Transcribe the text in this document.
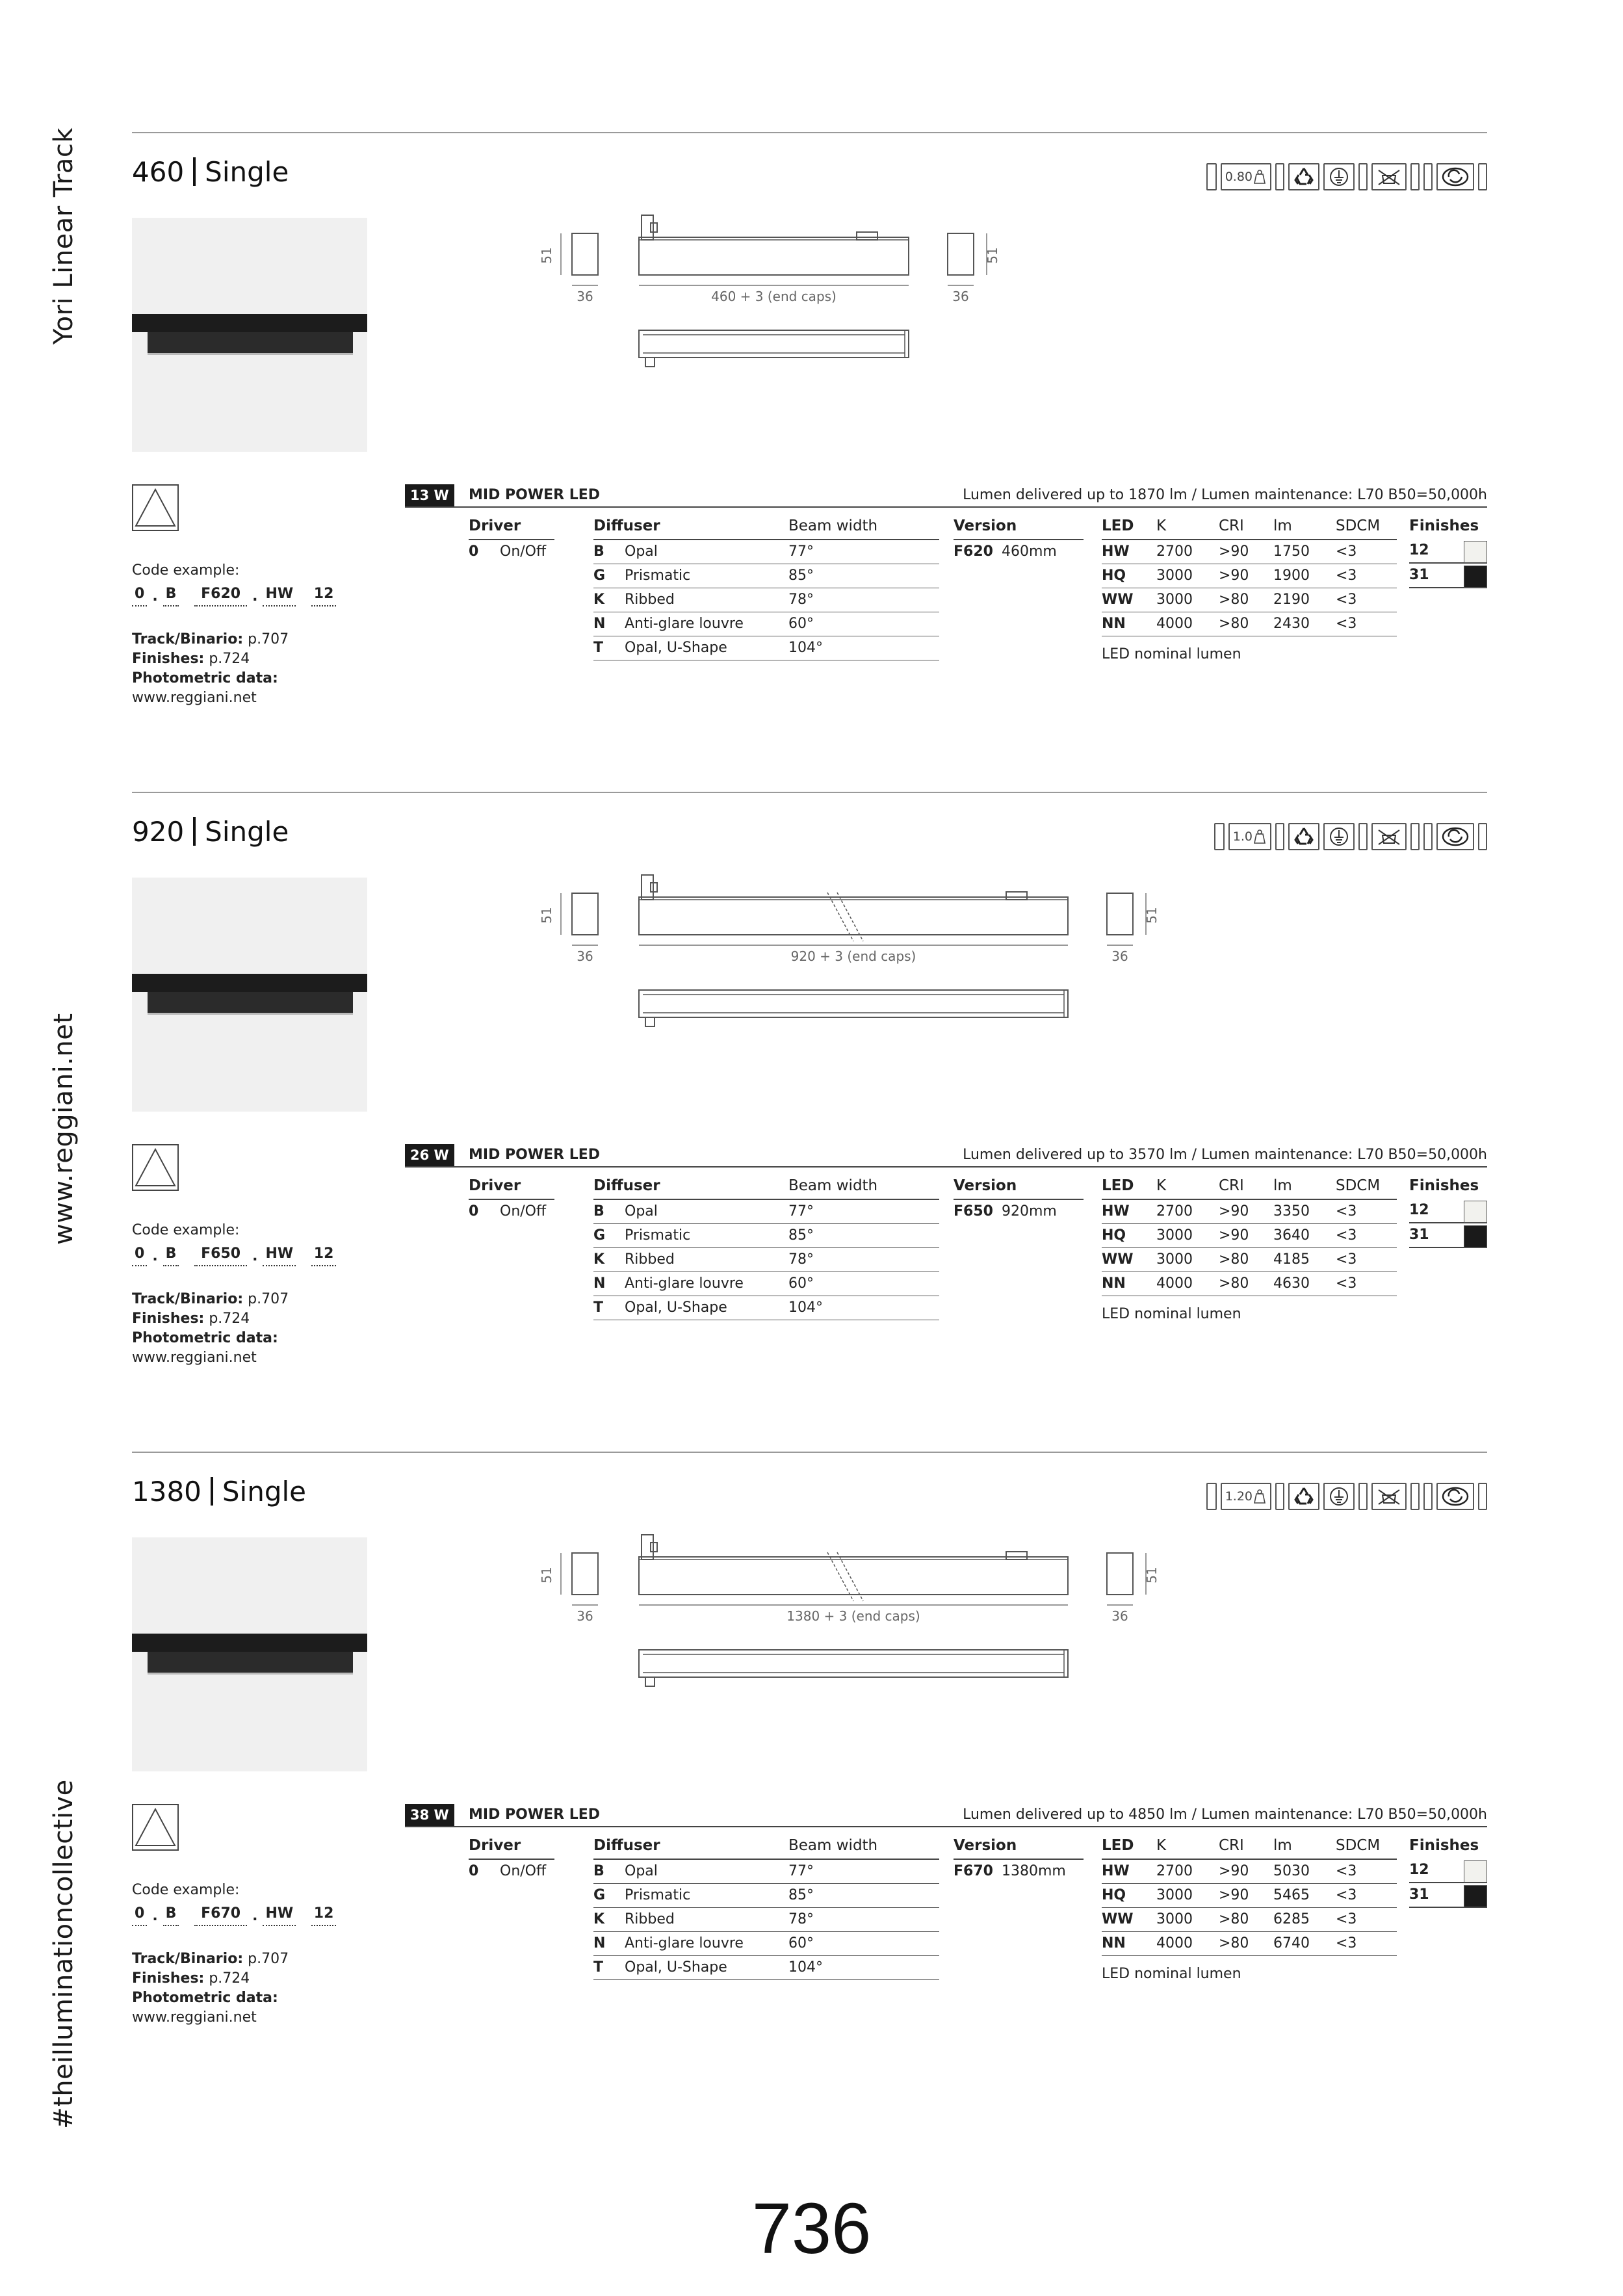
Yori Linear Track
www.reggiani.net
#theilluminationcollective
460 Single	0.80
51
36	460 + 3 (end caps)
51
36
Code example:
0 . B
	F620 . HW
12
Track/Binario: p.707
Finishes: p.724
Photometric data:
www.reggiani.net
13 W	MID POWER LED	Lumen delivered up to 1870 lm / Lumen maintenance: L70 B50=50,000h
Driver
0 On/Off
Diffuser	Beam width
B Opal	77°
G Prismatic	85°
K Ribbed	78°
N Anti-glare louvre	60°
T Opal, U-Shape	104°
Version
F620 460mm
LED K	CRI lm	SDCM
HW 2700 >90 1750 <3
HQ 3000 >90 1900 <3
WW 3000 >80 2190 <3
NN 4000 >80 2430 <3
LED nominal lumen
Finishes
12
31
920 Single	1.0
51
36	920 + 3 (end caps)
51
36
Code example:
0 . B
	F650 . HW
12
Track/Binario: p.707
Finishes: p.724
Photometric data:
www.reggiani.net
26 W	MID POWER LED	Lumen delivered up to 3570 lm / Lumen maintenance: L70 B50=50,000h
Driver
0 On/Off
Diffuser	Beam width
B Opal	77°
G Prismatic	85°
K Ribbed	78°
N Anti-glare louvre	60°
T Opal, U-Shape	104°
Version
F650 920mm
LED K	CRI lm	SDCM
HW 2700 >90 3350 <3
HQ 3000 >90 3640 <3
WW 3000 >80 4185 <3
NN 4000 >80 4630 <3
LED nominal lumen
Finishes
12
31
1380 Single	1.20
51
36	1380 + 3 (end caps)
51
36
Code example:
0 . B
	F670 . HW
12
Track/Binario: p.707
Finishes: p.724
Photometric data:
www.reggiani.net
38 W	MID POWER LED	Lumen delivered up to 4850 lm / Lumen maintenance: L70 B50=50,000h
Driver
0 On/Off
Diffuser	Beam width
B Opal	77°
G Prismatic	85°
K Ribbed	78°
N Anti-glare louvre	60°
T Opal, U-Shape	104°
Version
F670 1380mm
LED K	CRI lm	SDCM
HW 2700 >90 5030 <3
HQ 3000 >90 5465 <3
WW 3000 >80 6285 <3
NN 4000 >80 6740 <3
LED nominal lumen
Finishes
12
31
736
